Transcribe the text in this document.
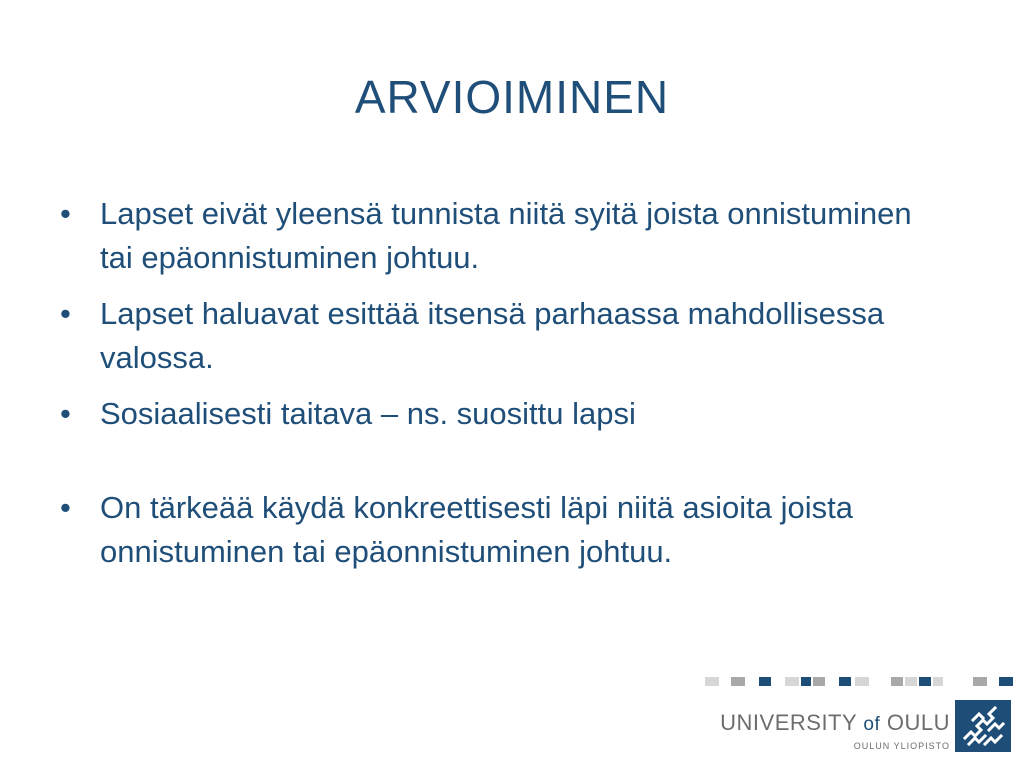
ARVIOIMINEN
• Lapset eivät yleensä tunnista niitä syitä joista onnistuminen tai epäonnistuminen johtuu.
• Lapset haluavat esittää itsensä parhaassa mahdollisessa valossa.
• Sosiaalisesti taitava – ns. suosittu lapsi
• On tärkeää käydä konkreettisesti läpi niitä asioita joista onnistuminen tai epäonnistuminen johtuu.
UNIVERSITY of OULU
OULUN YLIOPISTO
